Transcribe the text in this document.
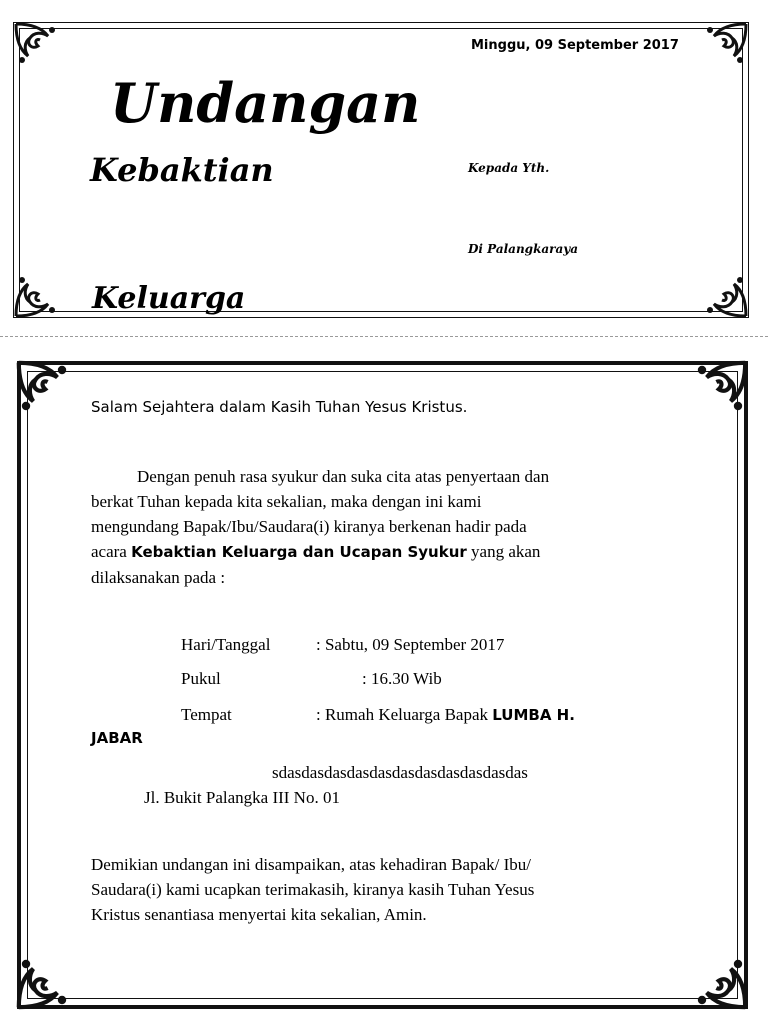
Minggu, 09 September 2017
Undangan
Kebaktian
Keluarga
Kepada Yth.
Di Palangkaraya
Salam Sejahtera dalam Kasih Tuhan Yesus Kristus.
Dengan penuh rasa syukur dan suka cita atas penyertaan dan
berkat Tuhan kepada kita sekalian, maka dengan ini kami
mengundang Bapak/Ibu/Saudara(i) kiranya berkenan hadir pada
acara Kebaktian Keluarga dan Ucapan Syukur yang akan
dilaksanakan pada :
Hari/Tanggal	: Sabtu, 09 September 2017
Pukul	: 16.30 Wib
Tempat	: Rumah Keluarga Bapak LUMBA H.
JABAR
sdasdasdasdasdasdasdasdasdasdasdas
Jl. Bukit Palangka III No. 01
Demikian undangan ini disampaikan, atas kehadiran Bapak/ Ibu/
Saudara(i) kami ucapkan terimakasih, kiranya kasih Tuhan Yesus
Kristus senantiasa menyertai kita sekalian, Amin.
